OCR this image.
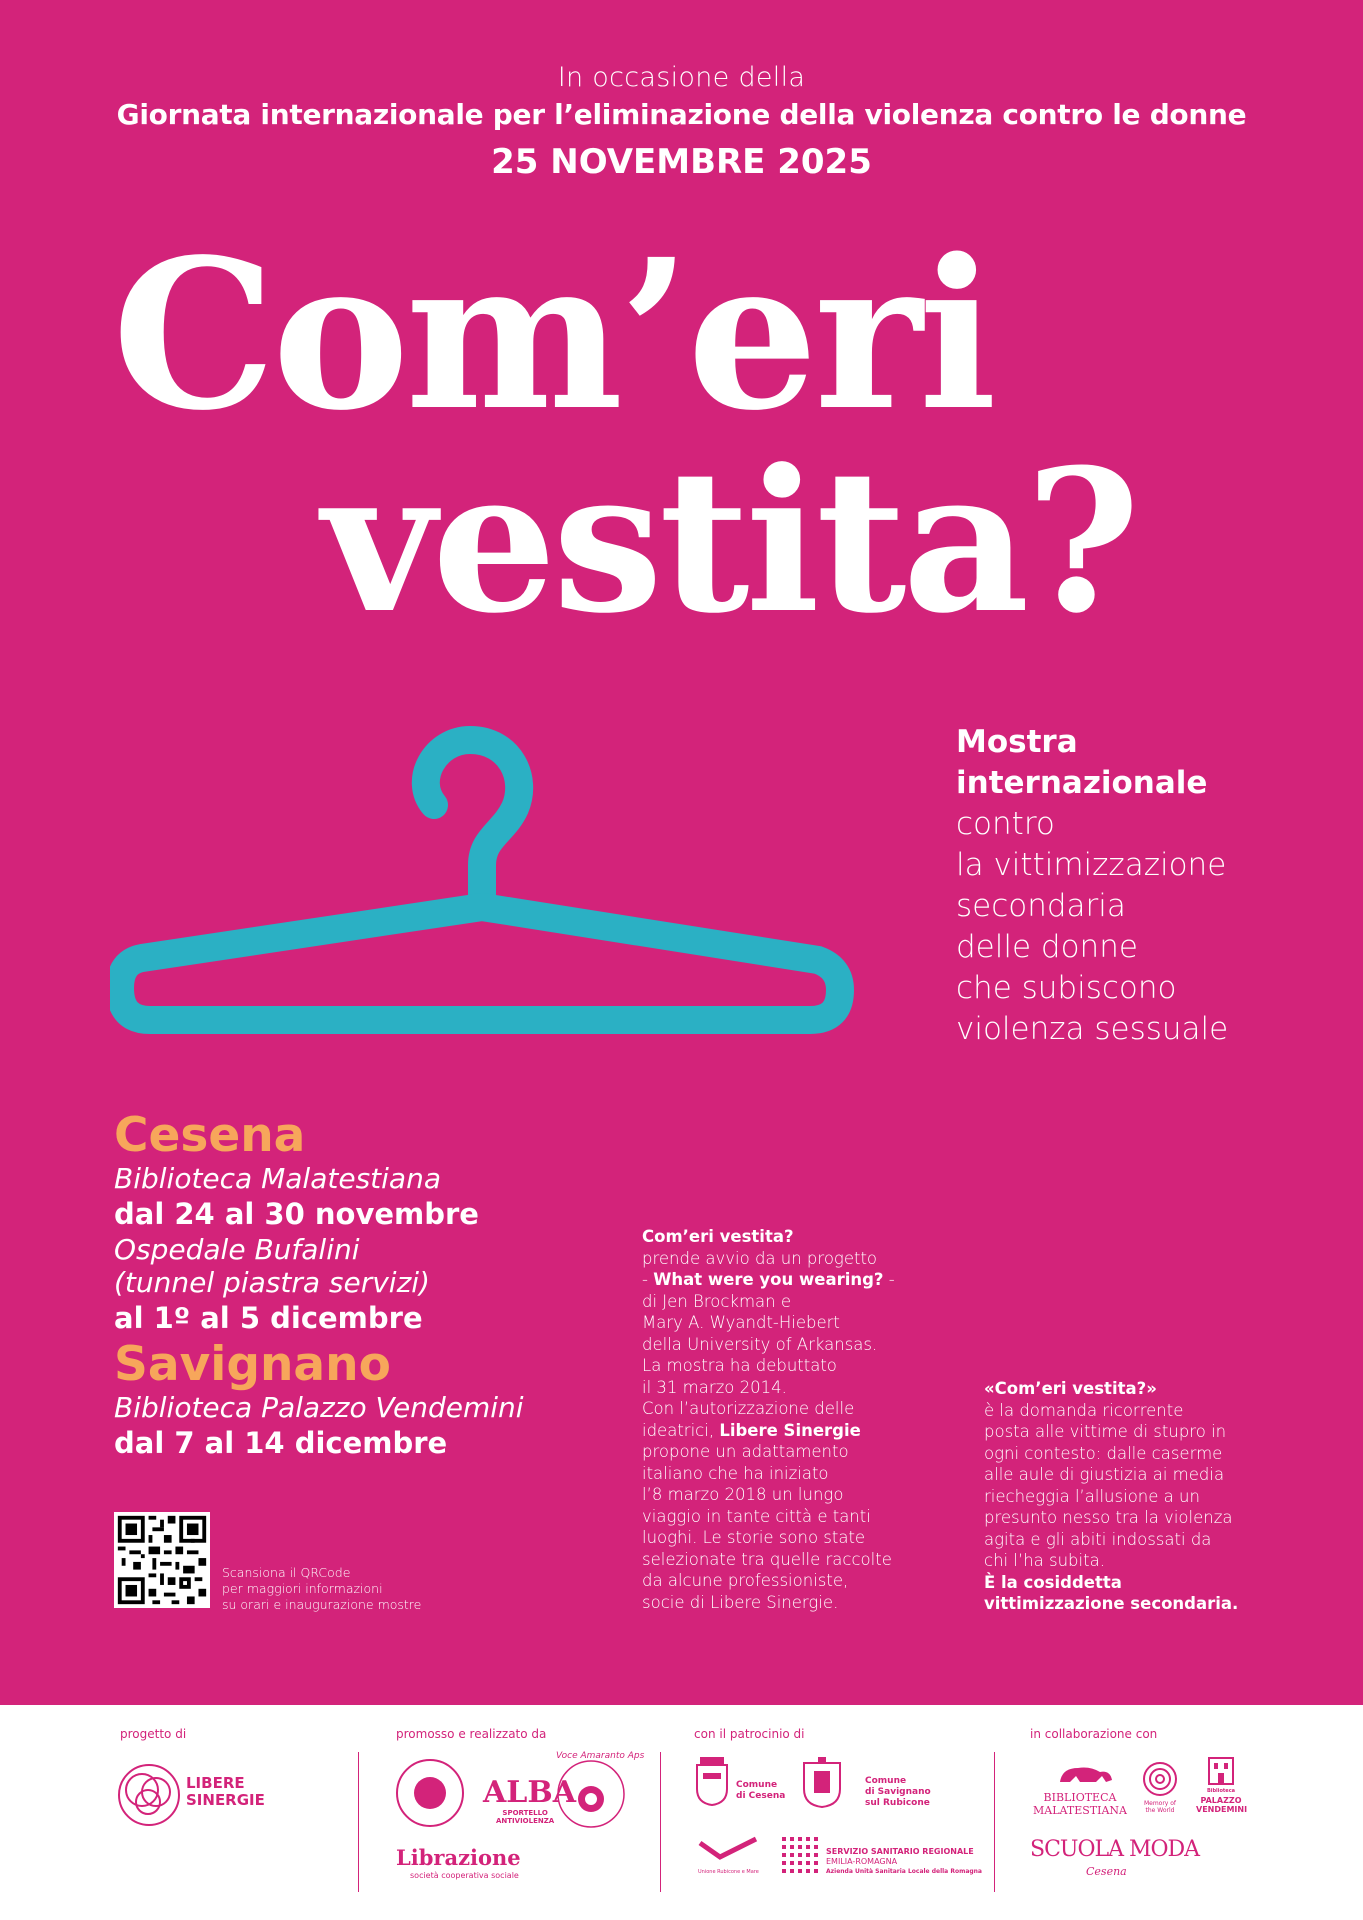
In occasione della
Giornata internazionale per l’eliminazione della violenza contro le donne
25 NOVEMBRE 2025
Com’eri
vestita?
Mostra
internazionale
contro
la vittimizzazione
secondaria
delle donne
che subiscono
violenza sessuale
Cesena
Biblioteca Malatestiana
dal 24 al 30 novembre
Ospedale Bufalini
(tunnel piastra servizi)
al 1º al 5 dicembre
Savignano
Biblioteca Palazzo Vendemini
dal 7 al 14 dicembre
Scansiona il QRCode
per maggiori informazioni
su orari e inaugurazione mostre
Com’eri vestita?
prende avvio da un progetto
- What were you wearing? -
di Jen Brockman e
Mary A. Wyandt-Hiebert
della University of Arkansas.
La mostra ha debuttato
il 31 marzo 2014.
Con l’autorizzazione delle
ideatrici, Libere Sinergie
propone un adattamento
italiano che ha iniziato
l’8 marzo 2018 un lungo
viaggio in tante città e tanti
luoghi. Le storie sono state
selezionate tra quelle raccolte
da alcune professioniste,
socie di Libere Sinergie.
«Com’eri vestita?»
è la domanda ricorrente
posta alle vittime di stupro in
ogni contesto: dalle caserme
alle aule di giustizia ai media
riecheggia l’allusione a un
presunto nesso tra la violenza
agita e gli abiti indossati da
chi l’ha subita.
È la cosiddetta
vittimizzazione secondaria.
progetto di	promosso e realizzato da	con il patrocinio di	in collaborazione con
LIBERE
SINERGIE	ALBA
SPORTELLO
ANTIVIOLENZA
Voce Amaranto Aps
Librazione
società cooperativa sociale
Comune
di Cesena
Comune
di Savignano
sul Rubicone
Unione Rubicone e Mare
SERVIZIO SANITARIO REGIONALE
EMILIA-ROMAGNA
Azienda Unità Sanitaria Locale della Romagna
BIBLIOTECA
MALATESTIANA
Memory of
the World
Biblioteca
PALAZZO
VENDEMINI
SCUOLA MODA
Cesena
